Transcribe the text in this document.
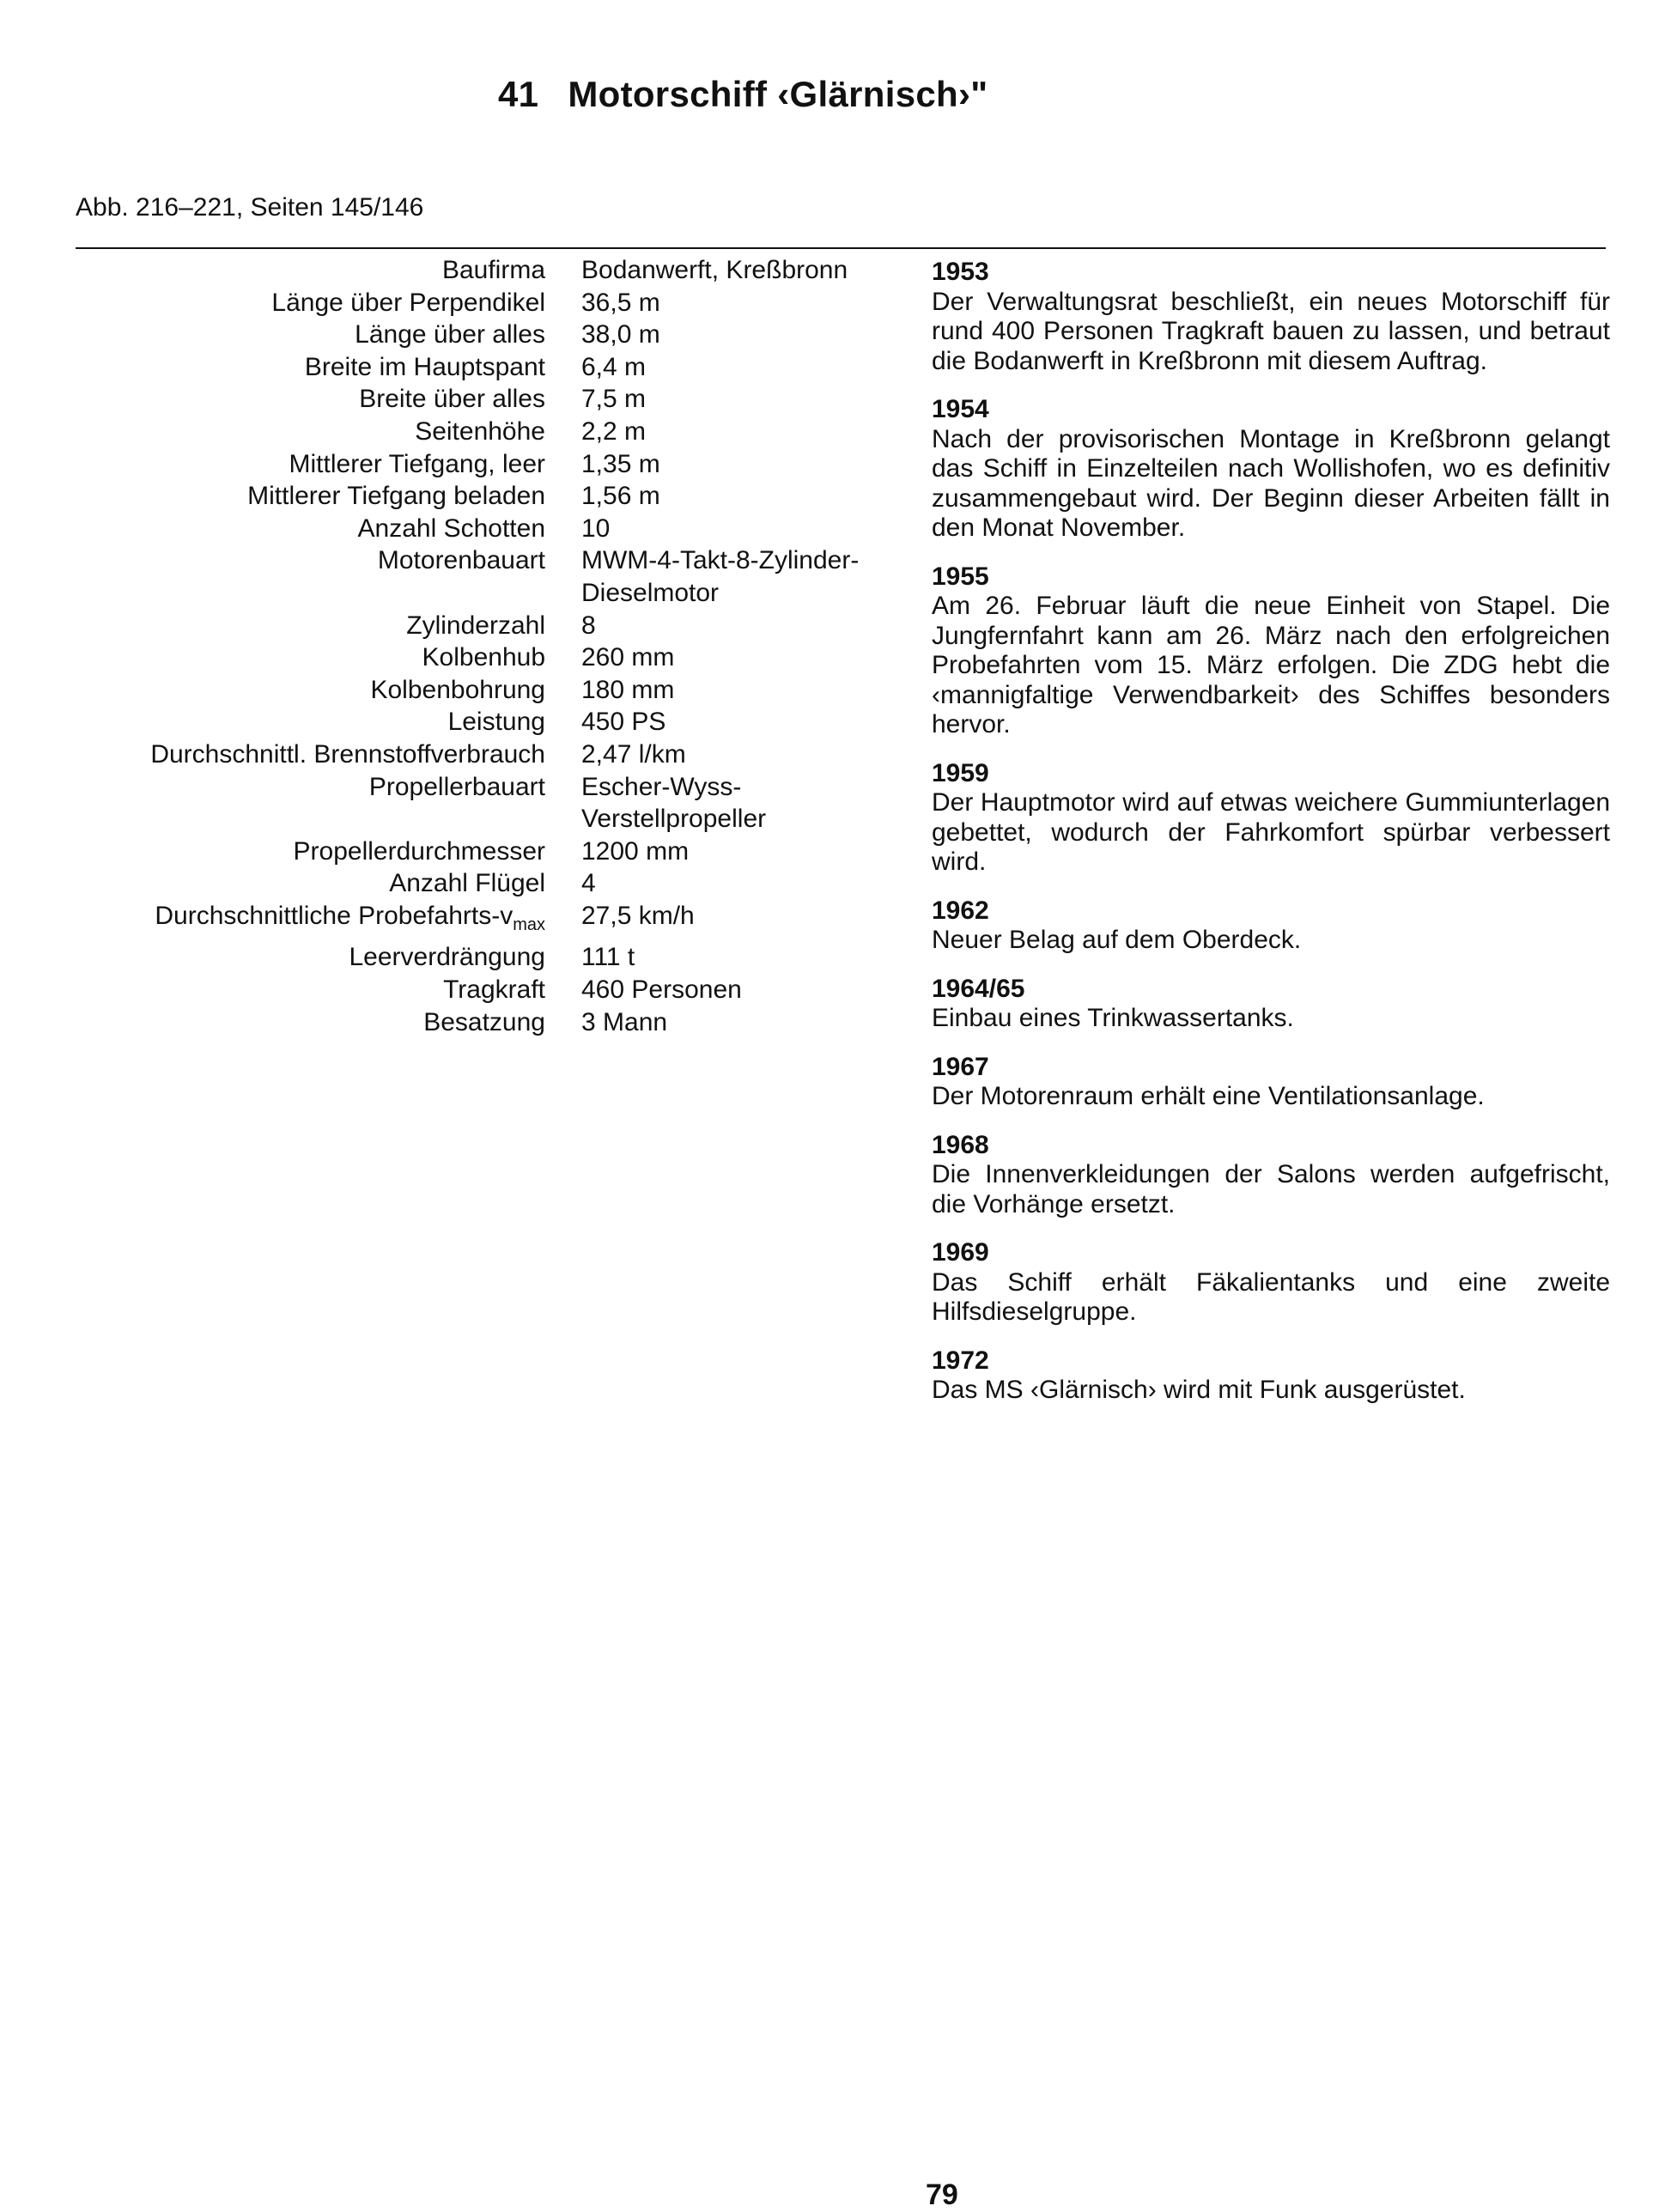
41 Motorschiff ‹Glärnisch›"
Abb. 216–221, Seiten 145/146
Baufirma Bodanwerft, Kreßbronn
Länge über Perpendikel 36,5 m
Länge über alles 38,0 m
Breite im Hauptspant 6,4 m
Breite über alles 7,5 m
Seitenhöhe 2,2 m
Mittlerer Tiefgang, leer 1,35 m
Mittlerer Tiefgang beladen 1,56 m
Anzahl Schotten 10
Motorenbauart MWM-4-Takt-8-Zylinder-Dieselmotor
Zylinderzahl 8
Kolbenhub 260 mm
Kolbenbohrung 180 mm
Leistung 450 PS
Durchschnittl. Brennstoffverbrauch 2,47 l/km
Propellerbauart Escher-Wyss-Verstellpropeller
Propellerdurchmesser 1200 mm
Anzahl Flügel 4
Durchschnittliche Probefahrts-$v_{max}$ 27,5 km/h
Leerverdrängung 111 t
Tragkraft 460 Personen
Besatzung 3 Mann
1953
Der Verwaltungsrat beschließt, ein neues Motorschiff für rund 400 Personen Tragkraft bauen zu lassen, und betraut die Bodanwerft in Kreßbronn mit diesem Auftrag.
1954
Nach der provisorischen Montage in Kreßbronn gelangt das Schiff in Einzelteilen nach Wollishofen, wo es definitiv zusammengebaut wird. Der Beginn dieser Arbeiten fällt in den Monat November.
1955
Am 26. Februar läuft die neue Einheit von Stapel. Die Jungfernfahrt kann am 26. März nach den erfolgreichen Probefahrten vom 15. März erfolgen. Die ZDG hebt die ‹mannigfaltige Verwendbarkeit› des Schiffes besonders hervor.
1959
Der Hauptmotor wird auf etwas weichere Gummiunterlagen gebettet, wodurch der Fahrkomfort spürbar verbessert wird.
1962
Neuer Belag auf dem Oberdeck.
1964/65
Einbau eines Trinkwassertanks.
1967
Der Motorenraum erhält eine Ventilationsanlage.
1968
Die Innenverkleidungen der Salons werden aufgefrischt, die Vorhänge ersetzt.
1969
Das Schiff erhält Fäkalientanks und eine zweite Hilfsdieselgruppe.
1972
Das MS ‹Glärnisch› wird mit Funk ausgerüstet.
79
